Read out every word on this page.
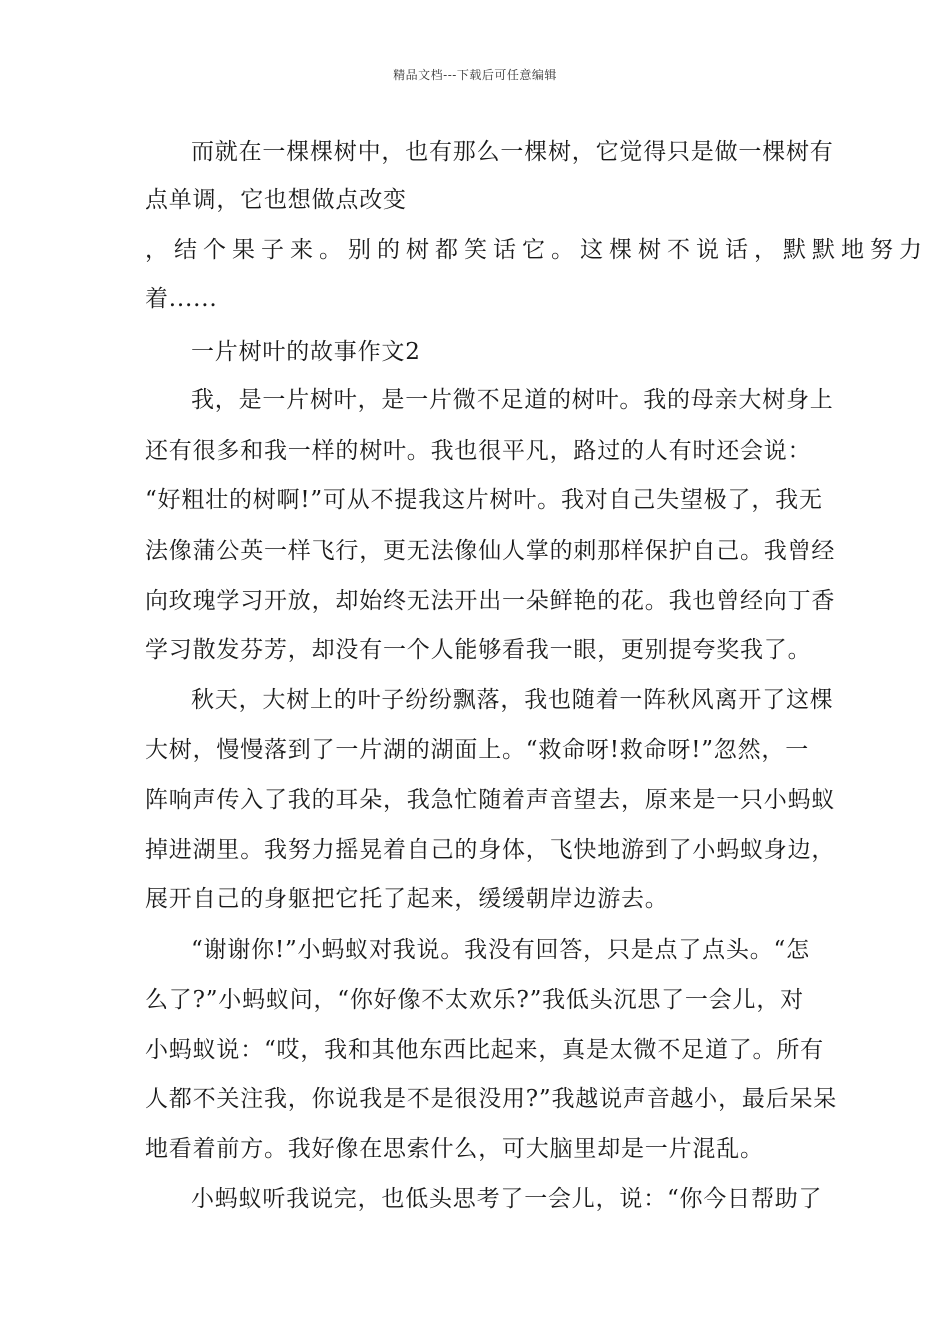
精品文档---下载后可任意编辑
而就在一棵棵树中，也有那么一棵树，它觉得只是做一棵树有
点单调，它也想做点改变
，结个果子来。别的树都笑话它。这棵树不说话，默默地努力
着......
一片树叶的故事作文2
我，是一片树叶，是一片微不足道的树叶。我的母亲大树身上
还有很多和我一样的树叶。我也很平凡，路过的人有时还会说：
“好粗壮的树啊!”可从不提我这片树叶。我对自己失望极了，我无
法像蒲公英一样飞行，更无法像仙人掌的刺那样保护自己。我曾经
向玫瑰学习开放，却始终无法开出一朵鲜艳的花。我也曾经向丁香
学习散发芬芳，却没有一个人能够看我一眼，更别提夸奖我了。
秋天，大树上的叶子纷纷飘落，我也随着一阵秋风离开了这棵
大树，慢慢落到了一片湖的湖面上。“救命呀!救命呀!”忽然，一
阵响声传入了我的耳朵，我急忙随着声音望去，原来是一只小蚂蚁
掉进湖里。我努力摇晃着自己的身体，飞快地游到了小蚂蚁身边，
展开自己的身躯把它托了起来，缓缓朝岸边游去。
“谢谢你!”小蚂蚁对我说。我没有回答，只是点了点头。“怎
么了?”小蚂蚁问，“你好像不太欢乐?”我低头沉思了一会儿，对
小蚂蚁说：“哎，我和其他东西比起来，真是太微不足道了。所有
人都不关注我，你说我是不是很没用?”我越说声音越小，最后呆呆
地看着前方。我好像在思索什么，可大脑里却是一片混乱。
小蚂蚁听我说完，也低头思考了一会儿，说：“你今日帮助了
